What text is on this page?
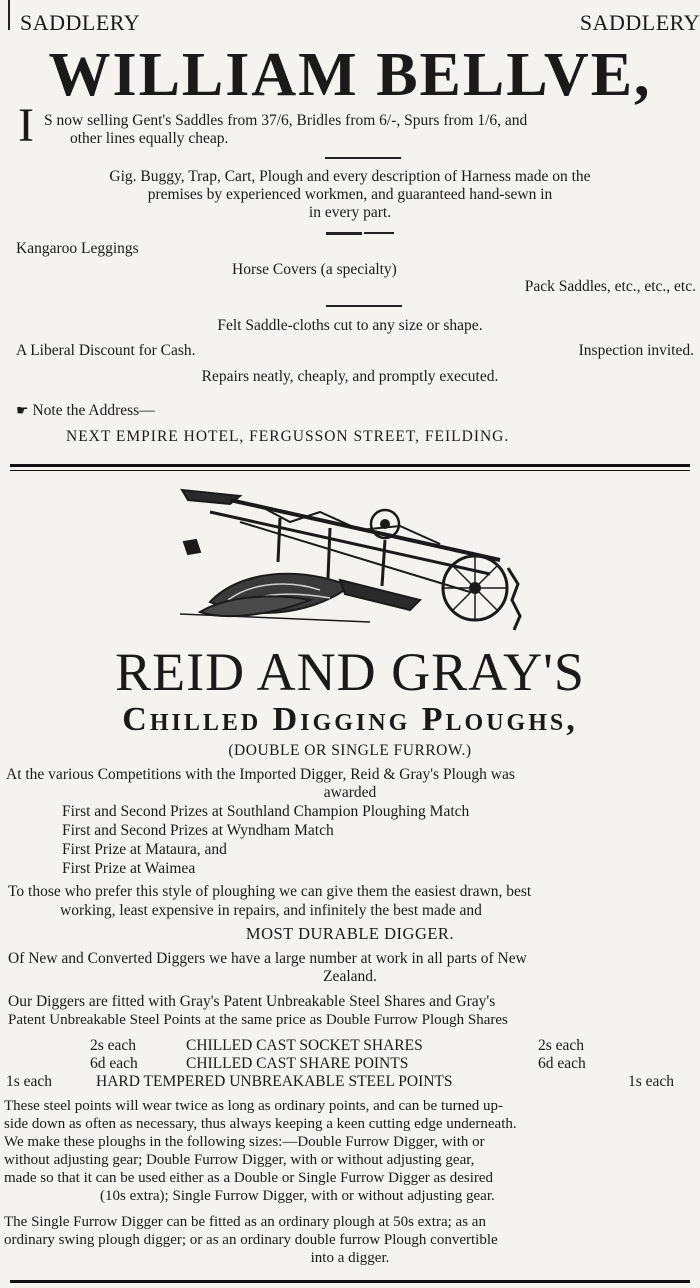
SADDLERY	SADDLERY
WILLIAM BELLVE,
I S now selling Gent's Saddles from 37/6, Bridles from 6/-, Spurs from 1/6, and
other lines equally cheap.
Gig. Buggy, Trap, Cart, Plough and every description of Harness made on the
premises by experienced workmen, and guaranteed hand-sewn in
in every part.
Kangaroo Leggings
Horse Covers (a specialty)
Pack Saddles, etc., etc., etc.
Felt Saddle-cloths cut to any size or shape.
A Liberal Discount for Cash.	Inspection invited.
Repairs neatly, cheaply, and promptly executed.
☛ Note the Address—
NEXT EMPIRE HOTEL, FERGUSSON STREET, FEILDING.
REID AND GRAY'S
Chilled Digging Ploughs,
(DOUBLE OR SINGLE FURROW.)
At the various Competitions with the Imported Digger, Reid & Gray's Plough was
awarded
First and Second Prizes at Southland Champion Ploughing Match
First and Second Prizes at Wyndham Match
First Prize at Mataura, and
First Prize at Waimea
To those who prefer this style of ploughing we can give them the easiest drawn, best
working, least expensive in repairs, and infinitely the best made and
MOST DURABLE DIGGER.
Of New and Converted Diggers we have a large number at work in all parts of New
Zealand.
Our Diggers are fitted with Gray's Patent Unbreakable Steel Shares and Gray's
Patent Unbreakable Steel Points at the same price as Double Furrow Plough Shares
2s each	CHILLED CAST SOCKET SHARES	2s each
6d each	CHILLED CAST SHARE POINTS	6d each
1s each	HARD TEMPERED UNBREAKABLE STEEL POINTS	1s each
These steel points will wear twice as long as ordinary points, and can be turned up-
side down as often as necessary, thus always keeping a keen cutting edge underneath.
We make these ploughs in the following sizes:—Double Furrow Digger, with or
without adjusting gear; Double Furrow Digger, with or without adjusting gear,
made so that it can be used either as a Double or Single Furrow Digger as desired
(10s extra); Single Furrow Digger, with or without adjusting gear.
The Single Furrow Digger can be fitted as an ordinary plough at 50s extra; as an
ordinary swing plough digger; or as an ordinary double furrow Plough convertible
into a digger.
